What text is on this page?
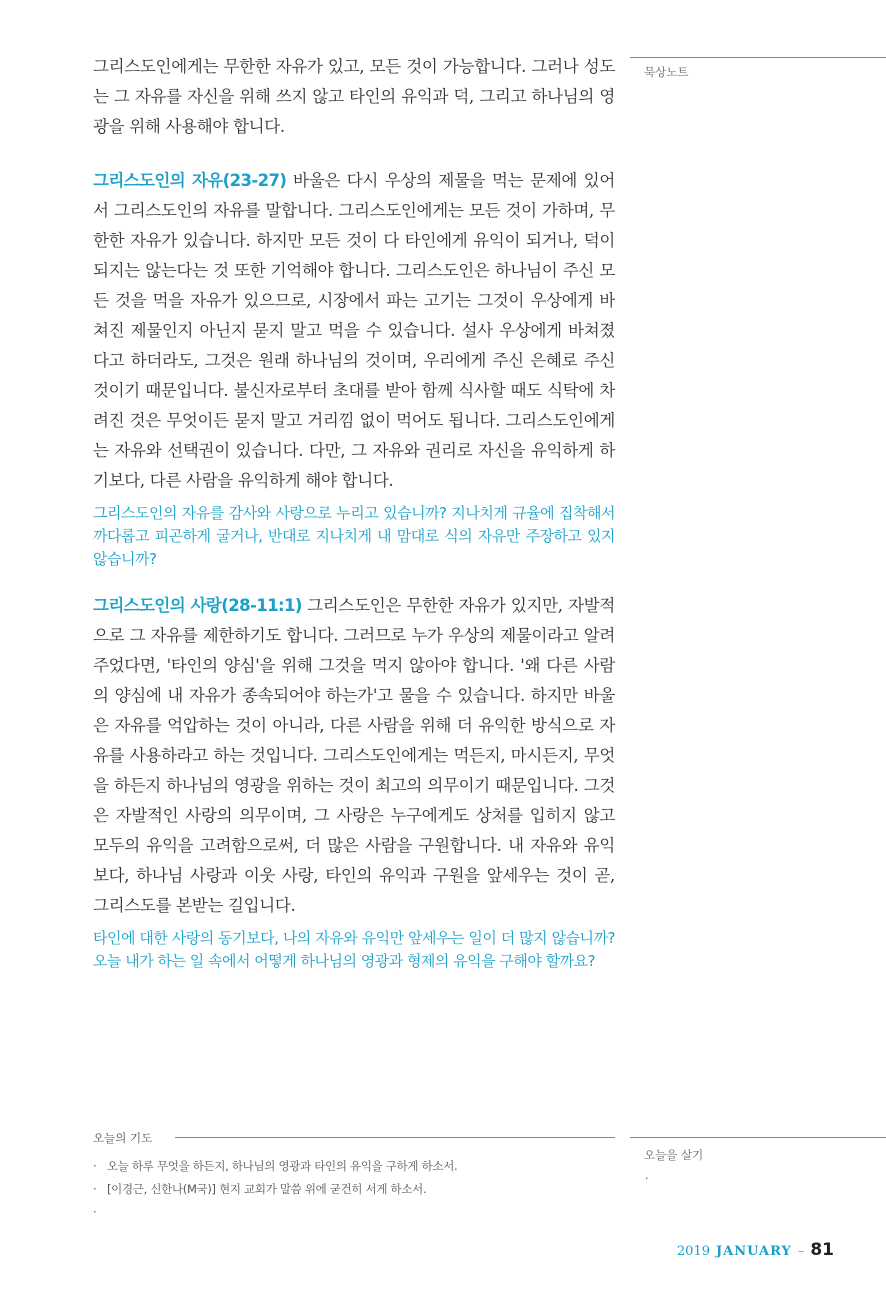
그리스도인에게는 무한한 자유가 있고, 모든 것이 가능합니다. 그러나 성도는 그 자유를 자신을 위해 쓰지 않고 타인의 유익과 덕, 그리고 하나님의 영광을 위해 사용해야 합니다.

그리스도인의 자유(23-27) 바울은 다시 우상의 제물을 먹는 문제에 있어서 그리스도인의 자유를 말합니다. 그리스도인에게는 모든 것이 가하며, 무한한 자유가 있습니다. 하지만 모든 것이 다 타인에게 유익이 되거나, 덕이 되지는 않는다는 것 또한 기억해야 합니다. 그리스도인은 하나님이 주신 모든 것을 먹을 자유가 있으므로, 시장에서 파는 고기는 그것이 우상에게 바쳐진 제물인지 아닌지 묻지 말고 먹을 수 있습니다. 설사 우상에게 바쳐졌다고 하더라도, 그것은 원래 하나님의 것이며, 우리에게 주신 은혜로 주신 것이기 때문입니다. 불신자로부터 초대를 받아 함께 식사할 때도 식탁에 차려진 것은 무엇이든 묻지 말고 거리낌 없이 먹어도 됩니다. 그리스도인에게는 자유와 선택권이 있습니다. 다만, 그 자유와 권리로 자신을 유익하게 하기보다, 다른 사람을 유익하게 해야 합니다.

그리스도인의 자유를 감사와 사랑으로 누리고 있습니까? 지나치게 규율에 집착해서 까다롭고 피곤하게 굴거나, 반대로 지나치게 내 맘대로 식의 자유만 주장하고 있지 않습니까?

그리스도인의 사랑(28-11:1) 그리스도인은 무한한 자유가 있지만, 자발적으로 그 자유를 제한하기도 합니다. 그러므로 누가 우상의 제물이라고 알려주었다면, '타인의 양심'을 위해 그것을 먹지 않아야 합니다. '왜 다른 사람의 양심에 내 자유가 종속되어야 하는가'고 물을 수 있습니다. 하지만 바울은 자유를 억압하는 것이 아니라, 다른 사람을 위해 더 유익한 방식으로 자유를 사용하라고 하는 것입니다. 그리스도인에게는 먹든지, 마시든지, 무엇을 하든지 하나님의 영광을 위하는 것이 최고의 의무이기 때문입니다. 그것은 자발적인 사랑의 의무이며, 그 사랑은 누구에게도 상처를 입히지 않고 모두의 유익을 고려함으로써, 더 많은 사람을 구원합니다. 내 자유와 유익보다, 하나님 사랑과 이웃 사랑, 타인의 유익과 구원을 앞세우는 것이 곧, 그리스도를 본받는 길입니다.

타인에 대한 사랑의 동기보다, 나의 자유와 유익만 앞세우는 일이 더 많지 않습니까? 오늘 내가 하는 일 속에서 어떻게 하나님의 영광과 형제의 유익을 구해야 할까요?

묵상노트
오늘을 살기
·
오늘의 기도
· 오늘 하루 무엇을 하든지, 하나님의 영광과 타인의 유익을 구하게 하소서.
· [이경근, 신한나(M국)] 현지 교회가 말씀 위에 굳건히 서게 하소서.
·
2019 JANUARY – 81
